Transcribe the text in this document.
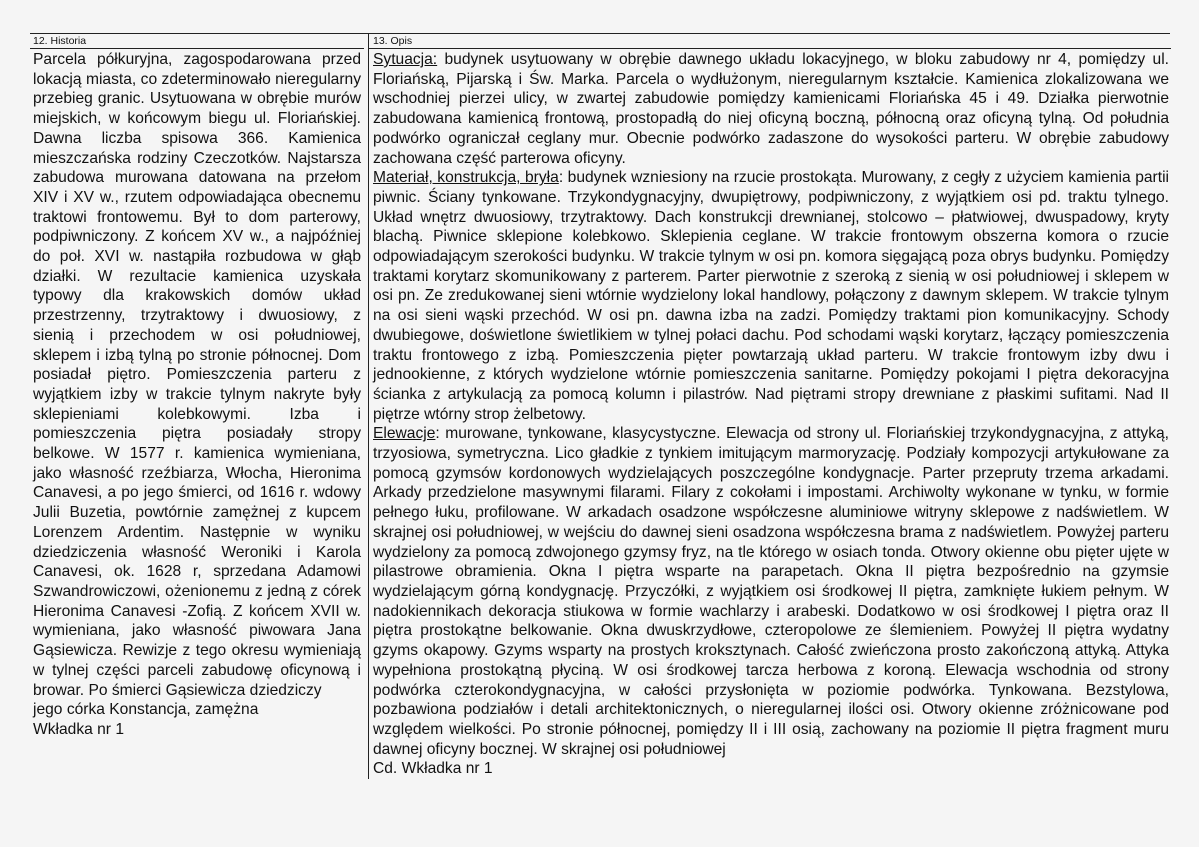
12. Historia
Parcela półkuryjna, zagospodarowana przed lokacją miasta, co zdeterminowało nieregularny przebieg granic. Usytuowana w obrębie murów miejskich, w końcowym biegu ul. Floriańskiej. Dawna liczba spisowa 366. Kamienica mieszczańska rodziny Czeczotków. Najstarsza zabudowa murowana datowana na przełom XIV i XV w., rzutem odpowiadająca obecnemu traktowi frontowemu. Był to dom parterowy, podpiwniczony. Z końcem XV w., a najpóźniej do poł. XVI w. nastąpiła rozbudowa w głąb działki. W rezultacie kamienica uzyskała typowy dla krakowskich domów układ przestrzenny, trzytraktowy i dwuosiowy, z sienią i przechodem w osi południowej, sklepem i izbą tylną po stronie północnej. Dom posiadał piętro. Pomieszczenia parteru z wyjątkiem izby w trakcie tylnym nakryte były sklepieniami kolebkowymi. Izba i pomieszczenia piętra posiadały stropy belkowe. W 1577 r. kamienica wymieniana, jako własność rzeźbiarza, Włocha, Hieronima Canavesi, a po jego śmierci, od 1616 r. wdowy Julii Buzetia, powtórnie zamężnej z kupcem Lorenzem Ardentim. Następnie w wyniku dziedziczenia własność Weroniki i Karola Canavesi, ok. 1628 r, sprzedana Adamowi Szwandrowiczowi, ożenionemu z jedną z córek Hieronima Canavesi -Zofią. Z końcem XVII w. wymieniana, jako własność piwowara Jana Gąsiewicza. Rewizje z tego okresu wymieniają w tylnej części parceli zabudowę oficynową i browar. Po śmierci Gąsiewicza dziedziczy
jego córka Konstancja, zamężna
Wkładka nr 1
13. Opis
Sytuacja: budynek usytuowany w obrębie dawnego układu lokacyjnego, w bloku zabudowy nr 4, pomiędzy ul. Floriańską, Pijarską i Św. Marka. Parcela o wydłużonym, nieregularnym kształcie. Kamienica zlokalizowana we wschodniej pierzei ulicy, w zwartej zabudowie pomiędzy kamienicami Floriańska 45 i 49. Działka pierwotnie zabudowana kamienicą frontową, prostopadłą do niej oficyną boczną, północną oraz oficyną tylną. Od południa podwórko ograniczał ceglany mur. Obecnie podwórko zadaszone do wysokości parteru. W obrębie zabudowy zachowana część parterowa oficyny.
Materiał, konstrukcja, bryła: budynek wzniesiony na rzucie prostokąta. Murowany, z cegły z użyciem kamienia partii piwnic. Ściany tynkowane. Trzykondygnacyjny, dwupiętrowy, podpiwniczony, z wyjątkiem osi pd. traktu tylnego. Układ wnętrz dwuosiowy, trzytraktowy. Dach konstrukcji drewnianej, stolcowo – płatwiowej, dwuspadowy, kryty blachą. Piwnice sklepione kolebkowo. Sklepienia ceglane. W trakcie frontowym obszerna komora o rzucie odpowiadającym szerokości budynku. W trakcie tylnym w osi pn. komora sięgającą poza obrys budynku. Pomiędzy traktami korytarz skomunikowany z parterem. Parter pierwotnie z szeroką z sienią w osi południowej i sklepem w osi pn. Ze zredukowanej sieni wtórnie wydzielony lokal handlowy, połączony z dawnym sklepem. W trakcie tylnym na osi sieni wąski przechód. W osi pn. dawna izba na zadzi. Pomiędzy traktami pion komunikacyjny. Schody dwubiegowe, doświetlone świetlikiem w tylnej połaci dachu. Pod schodami wąski korytarz, łączący pomieszczenia traktu frontowego z izbą. Pomieszczenia pięter powtarzają układ parteru. W trakcie frontowym izby dwu i jednookienne, z których wydzielone wtórnie pomieszczenia sanitarne. Pomiędzy pokojami I piętra dekoracyjna ścianka z artykulacją za pomocą kolumn i pilastrów. Nad piętrami stropy drewniane z płaskimi sufitami. Nad II piętrze wtórny strop żelbetowy.
Elewacje: murowane, tynkowane, klasycystyczne. Elewacja od strony ul. Floriańskiej trzykondygnacyjna, z attyką, trzyosiowa, symetryczna. Lico gładkie z tynkiem imitującym marmoryzację. Podziały kompozycji artykułowane za pomocą gzymsów kordonowych wydzielających poszczególne kondygnacje. Parter przepruty trzema arkadami. Arkady przedzielone masywnymi filarami. Filary z cokołami i impostami. Archiwolty wykonane w tynku, w formie pełnego łuku, profilowane. W arkadach osadzone współczesne aluminiowe witryny sklepowe z nadświetlem. W skrajnej osi południowej, w wejściu do dawnej sieni osadzona współczesna brama z nadświetlem. Powyżej parteru wydzielony za pomocą zdwojonego gzymsy fryz, na tle którego w osiach tonda. Otwory okienne obu pięter ujęte w pilastrowe obramienia. Okna I piętra wsparte na parapetach. Okna II piętra bezpośrednio na gzymsie wydzielającym górną kondygnację. Przyczółki, z wyjątkiem osi środkowej II piętra, zamknięte łukiem pełnym. W nadokiennikach dekoracja stiukowa w formie wachlarzy i arabeski. Dodatkowo w osi środkowej I piętra oraz II piętra prostokątne belkowanie. Okna dwuskrzydłowe, czteropolowe ze ślemieniem. Powyżej II piętra wydatny gzyms okapowy. Gzyms wsparty na prostych kroksztynach. Całość zwieńczona prosto zakończoną attyką. Attyka wypełniona prostokątną płyciną. W osi środkowej tarcza herbowa z koroną. Elewacja wschodnia od strony podwórka czterokondygnacyjna, w całości przysłonięta w poziomie podwórka. Tynkowana. Bezstylowa, pozbawiona podziałów i detali architektonicznych, o nieregularnej ilości osi. Otwory okienne zróżnicowane pod względem wielkości. Po stronie północnej, pomiędzy II i III osią, zachowany na poziomie II piętra fragment muru dawnej oficyny bocznej. W skrajnej osi południowej
Cd. Wkładka nr 1
